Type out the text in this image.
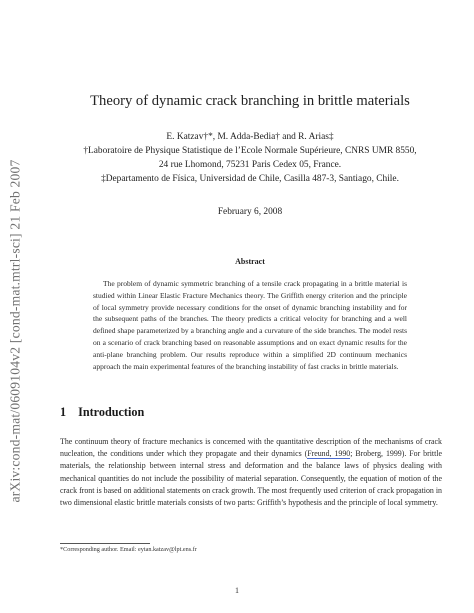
arXiv:cond-mat/0609104v2 [cond-mat.mtrl-sci] 21 Feb 2007
Theory of dynamic crack branching in brittle materials
E. Katzav†*, M. Adda-Bedia† and R. Arias‡
†Laboratoire de Physique Statistique de l’Ecole Normale Supérieure, CNRS UMR 8550,
24 rue Lhomond, 75231 Paris Cedex 05, France.
‡Departamento de Física, Universidad de Chile, Casilla 487-3, Santiago, Chile.
February 6, 2008
Abstract
The problem of dynamic symmetric branching of a tensile crack propagating in a brittle material is studied within Linear Elastic Fracture Mechanics theory. The Griffith energy criterion and the principle of local symmetry provide necessary conditions for the onset of dynamic branching instability and for the subsequent paths of the branches. The theory predicts a critical velocity for branching and a well defined shape parameterized by a branching angle and a curvature of the side branches. The model rests on a scenario of crack branching based on reasonable assumptions and on exact dynamic results for the anti-plane branching problem. Our results reproduce within a simplified 2D continuum mechanics approach the main experimental features of the branching instability of fast cracks in brittle materials.
1 Introduction
The continuum theory of fracture mechanics is concerned with the quantitative description of the mechanisms of crack nucleation, the conditions under which they propagate and their dynamics (Freund, 1990; Broberg, 1999). For brittle materials, the relationship between internal stress and deformation and the balance laws of physics dealing with mechanical quantities do not include the possibility of material separation. Consequently, the equation of motion of the crack front is based on additional statements on crack growth. The most frequently used criterion of crack propagation in two dimensional elastic brittle materials consists of two parts: Griffith’s hypothesis and the principle of local symmetry.
*Corresponding author. Email: eytan.katzav@lpt.ens.fr
1
